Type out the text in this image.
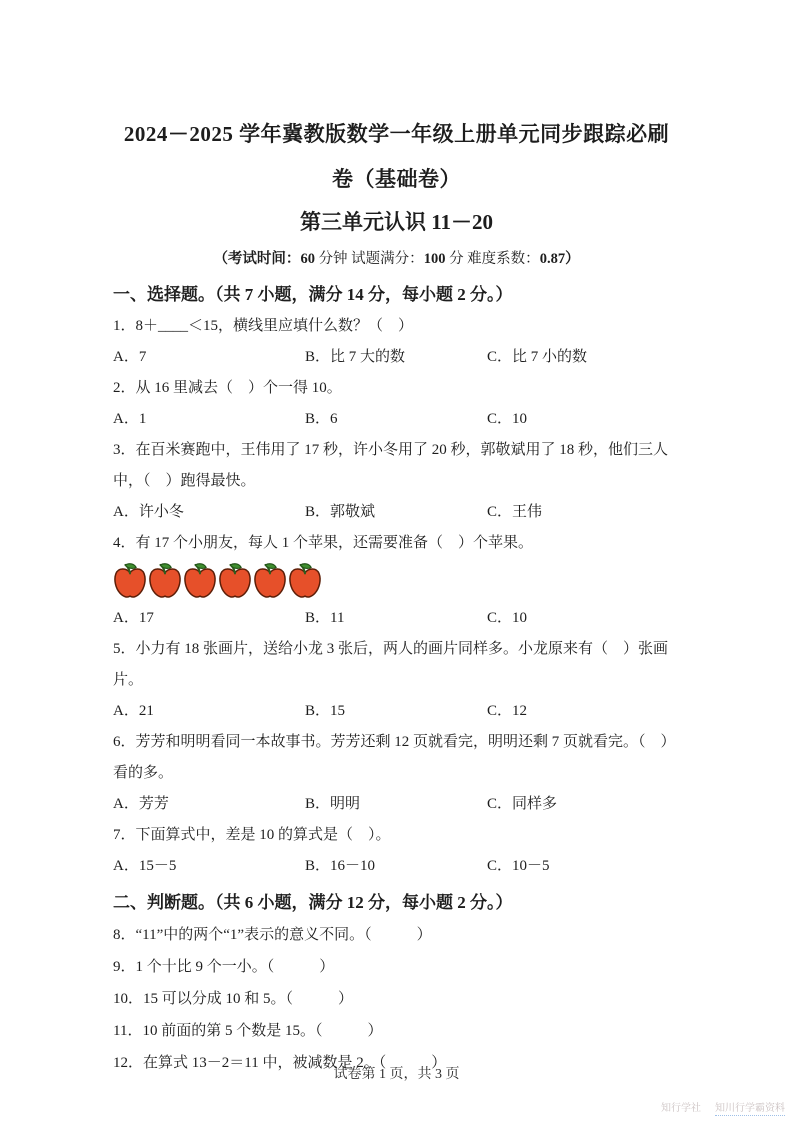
2024－2025 学年冀教版数学一年级上册单元同步跟踪必刷
卷（基础卷）
第三单元认识 11－20
（考试时间：60 分钟 试题满分：100 分 难度系数：0.87）
一、选择题。（共 7 小题，满分 14 分，每小题 2 分。）
1．8＋____＜15，横线里应填什么数？（　）
A．7	B．比 7 大的数	C．比 7 小的数
2．从 16 里减去（　）个一得 10。
A．1	B．6	C．10
3．在百米赛跑中，王伟用了 17 秒，许小冬用了 20 秒，郭敬斌用了 18 秒，他们三人中，（　）跑得最快。
A．许小冬	B．郭敬斌	C．王伟
4．有 17 个小朋友，每人 1 个苹果，还需要准备（　）个苹果。
A．17	B．11	C．10
5．小力有 18 张画片，送给小龙 3 张后，两人的画片同样多。小龙原来有（　）张画片。
A．21	B．15	C．12
6．芳芳和明明看同一本故事书。芳芳还剩 12 页就看完，明明还剩 7 页就看完。（　）看的多。
A．芳芳	B．明明	C．同样多
7．下面算式中，差是 10 的算式是（　）。
A．15－5	B．16－10	C．10－5
二、判断题。（共 6 小题，满分 12 分，每小题 2 分。）
8．“11”中的两个“1”表示的意义不同。（　　　）
9．1 个十比 9 个一小。（　　　）
10．15 可以分成 10 和 5。（　　　）
11．10 前面的第 5 个数是 15。（　　　）
12．在算式 13－2＝11 中，被减数是 2。（　　　）
试卷第 1 页，共 3 页
知行学社 知川行学霸资料
